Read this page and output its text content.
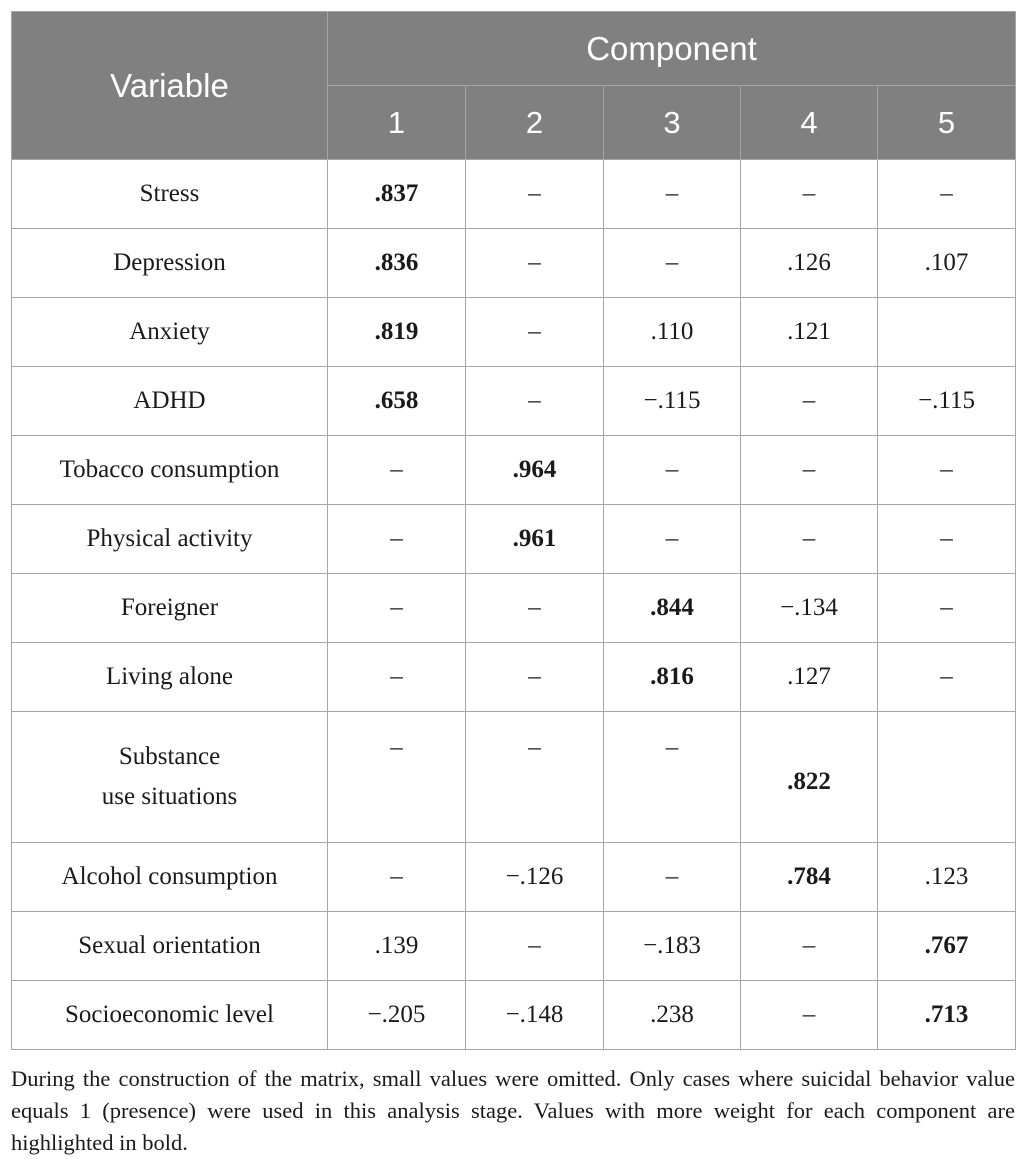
Variable	Component				
	1	2	3	4	5
Stress	.837	–	–	–	–
Depression	.836	–	–	.126	.107
Anxiety	.819	–	.110	.121	
ADHD	.658	–	−.115	–	−.115
Tobacco consumption	–	.964	–	–	–
Physical activity	–	.961	–	–	–
Foreigner	–	–	.844	−.134	–
Living alone	–	–	.816	.127	–

Substance
use situations	–	–	–	.822	
Alcohol consumption	–	−.126	–	.784	.123
Sexual orientation	.139	–	−.183	–	.767
Socioeconomic level	−.205	−.148	.238	–	.713

During the construction of the matrix, small values were omitted. Only cases where suicidal behavior value equals 1 (presence) were used in this analysis stage. Values with more weight for each component are highlighted in bold.
